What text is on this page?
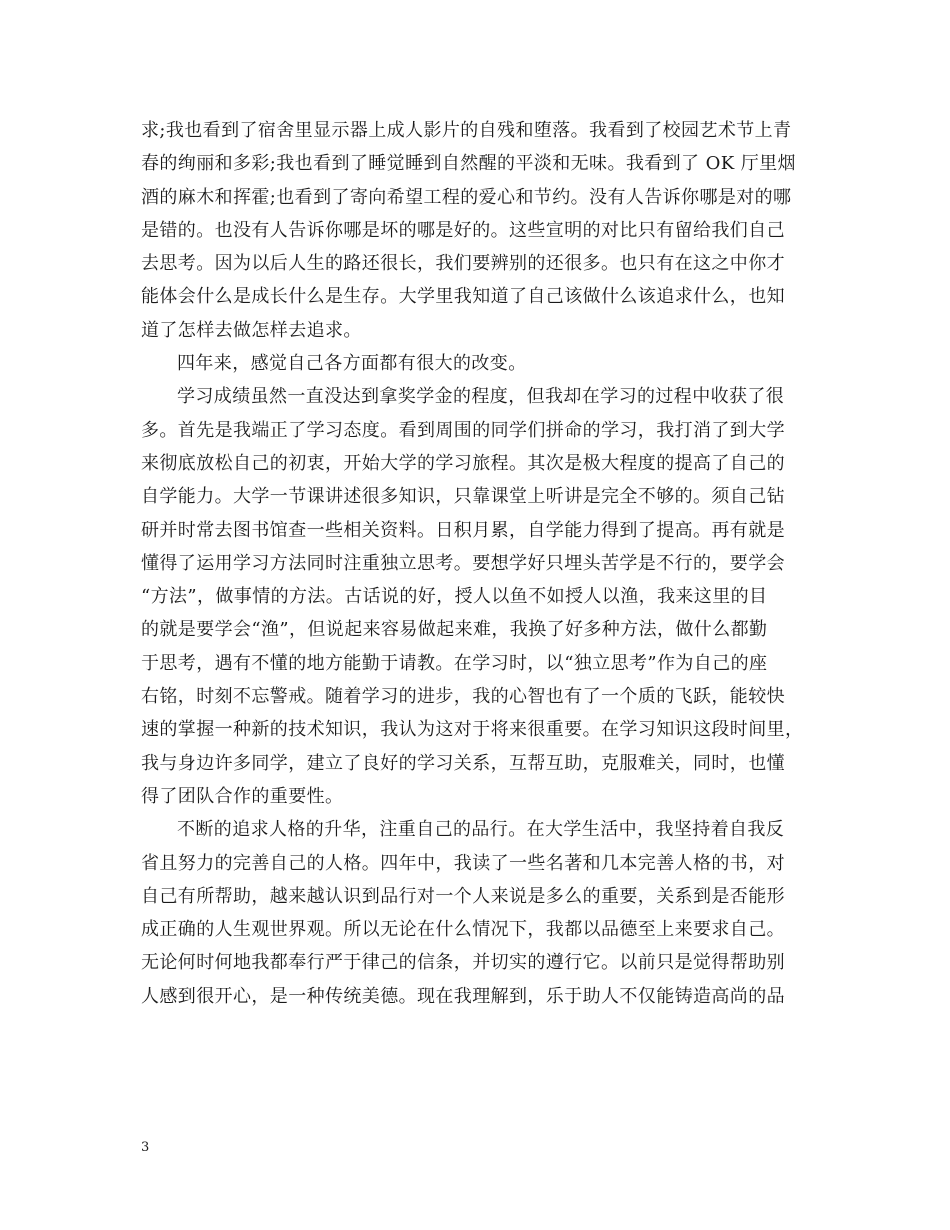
求;我也看到了宿舍里显示器上成人影片的自残和堕落。我看到了校园艺术节上青
春的绚丽和多彩;我也看到了睡觉睡到自然醒的平淡和无味。我看到了 OK 厅里烟
酒的麻木和挥霍;也看到了寄向希望工程的爱心和节约。没有人告诉你哪是对的哪
是错的。也没有人告诉你哪是坏的哪是好的。这些宣明的对比只有留给我们自己
去思考。因为以后人生的路还很长，我们要辨别的还很多。也只有在这之中你才
能体会什么是成长什么是生存。大学里我知道了自己该做什么该追求什么，也知
道了怎样去做怎样去追求。

四年来，感觉自己各方面都有很大的改变。

学习成绩虽然一直没达到拿奖学金的程度，但我却在学习的过程中收获了很
多。首先是我端正了学习态度。看到周围的同学们拼命的学习，我打消了到大学
来彻底放松自己的初衷，开始大学的学习旅程。其次是极大程度的提高了自己的
自学能力。大学一节课讲述很多知识，只靠课堂上听讲是完全不够的。须自己钻
研并时常去图书馆查一些相关资料。日积月累，自学能力得到了提高。再有就是
懂得了运用学习方法同时注重独立思考。要想学好只埋头苦学是不行的，要学会
“方法”，做事情的方法。古话说的好，授人以鱼不如授人以渔，我来这里的目
的就是要学会“渔”，但说起来容易做起来难，我换了好多种方法，做什么都勤
于思考，遇有不懂的地方能勤于请教。在学习时，以“独立思考”作为自己的座
右铭，时刻不忘警戒。随着学习的进步，我的心智也有了一个质的飞跃，能较快
速的掌握一种新的技术知识，我认为这对于将来很重要。在学习知识这段时间里，
我与身边许多同学，建立了良好的学习关系，互帮互助，克服难关，同时，也懂
得了团队合作的重要性。

不断的追求人格的升华，注重自己的品行。在大学生活中，我坚持着自我反
省且努力的完善自己的人格。四年中，我读了一些名著和几本完善人格的书，对
自己有所帮助，越来越认识到品行对一个人来说是多么的重要，关系到是否能形
成正确的人生观世界观。所以无论在什么情况下，我都以品德至上来要求自己。
无论何时何地我都奉行严于律己的信条，并切实的遵行它。以前只是觉得帮助别
人感到很开心，是一种传统美德。现在我理解到，乐于助人不仅能铸造高尚的品

3
